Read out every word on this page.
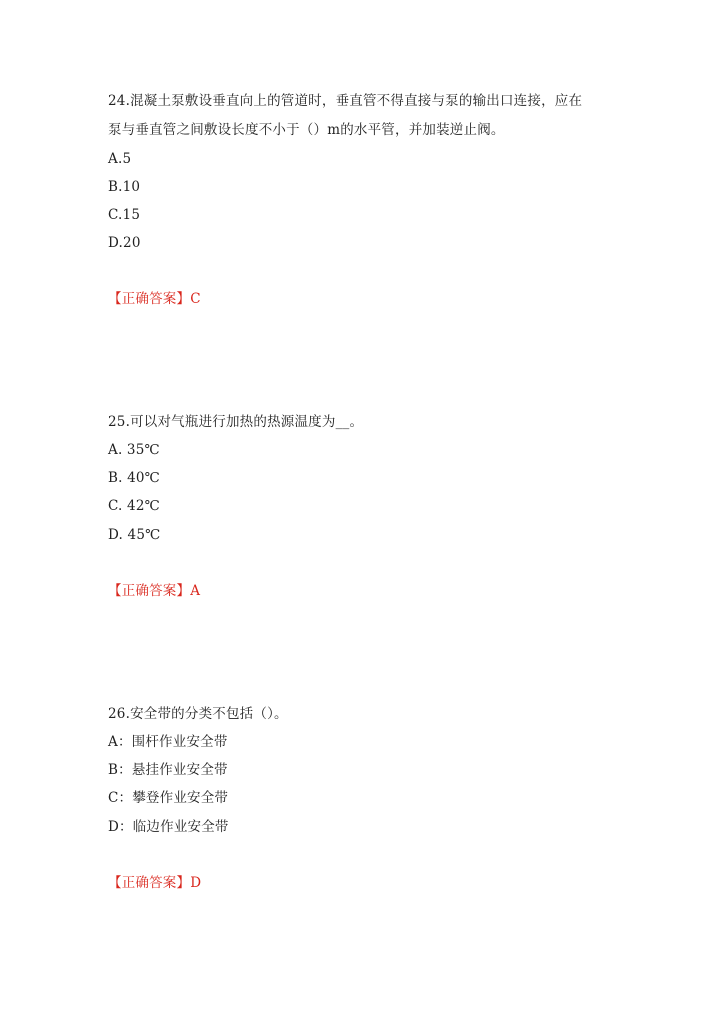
24.混凝土泵敷设垂直向上的管道时，垂直管不得直接与泵的输出口连接，应在
泵与垂直管之间敷设长度不小于（）m的水平管，并加装逆止阀。
A.5
B.10
C.15
D.20
【正确答案】C
25.可以对气瓶进行加热的热源温度为__。
A. 35℃
B. 40℃
C. 42℃
D. 45℃
【正确答案】A
26.安全带的分类不包括（）。
A：围杆作业安全带
B：悬挂作业安全带
C：攀登作业安全带
D：临边作业安全带
【正确答案】D
